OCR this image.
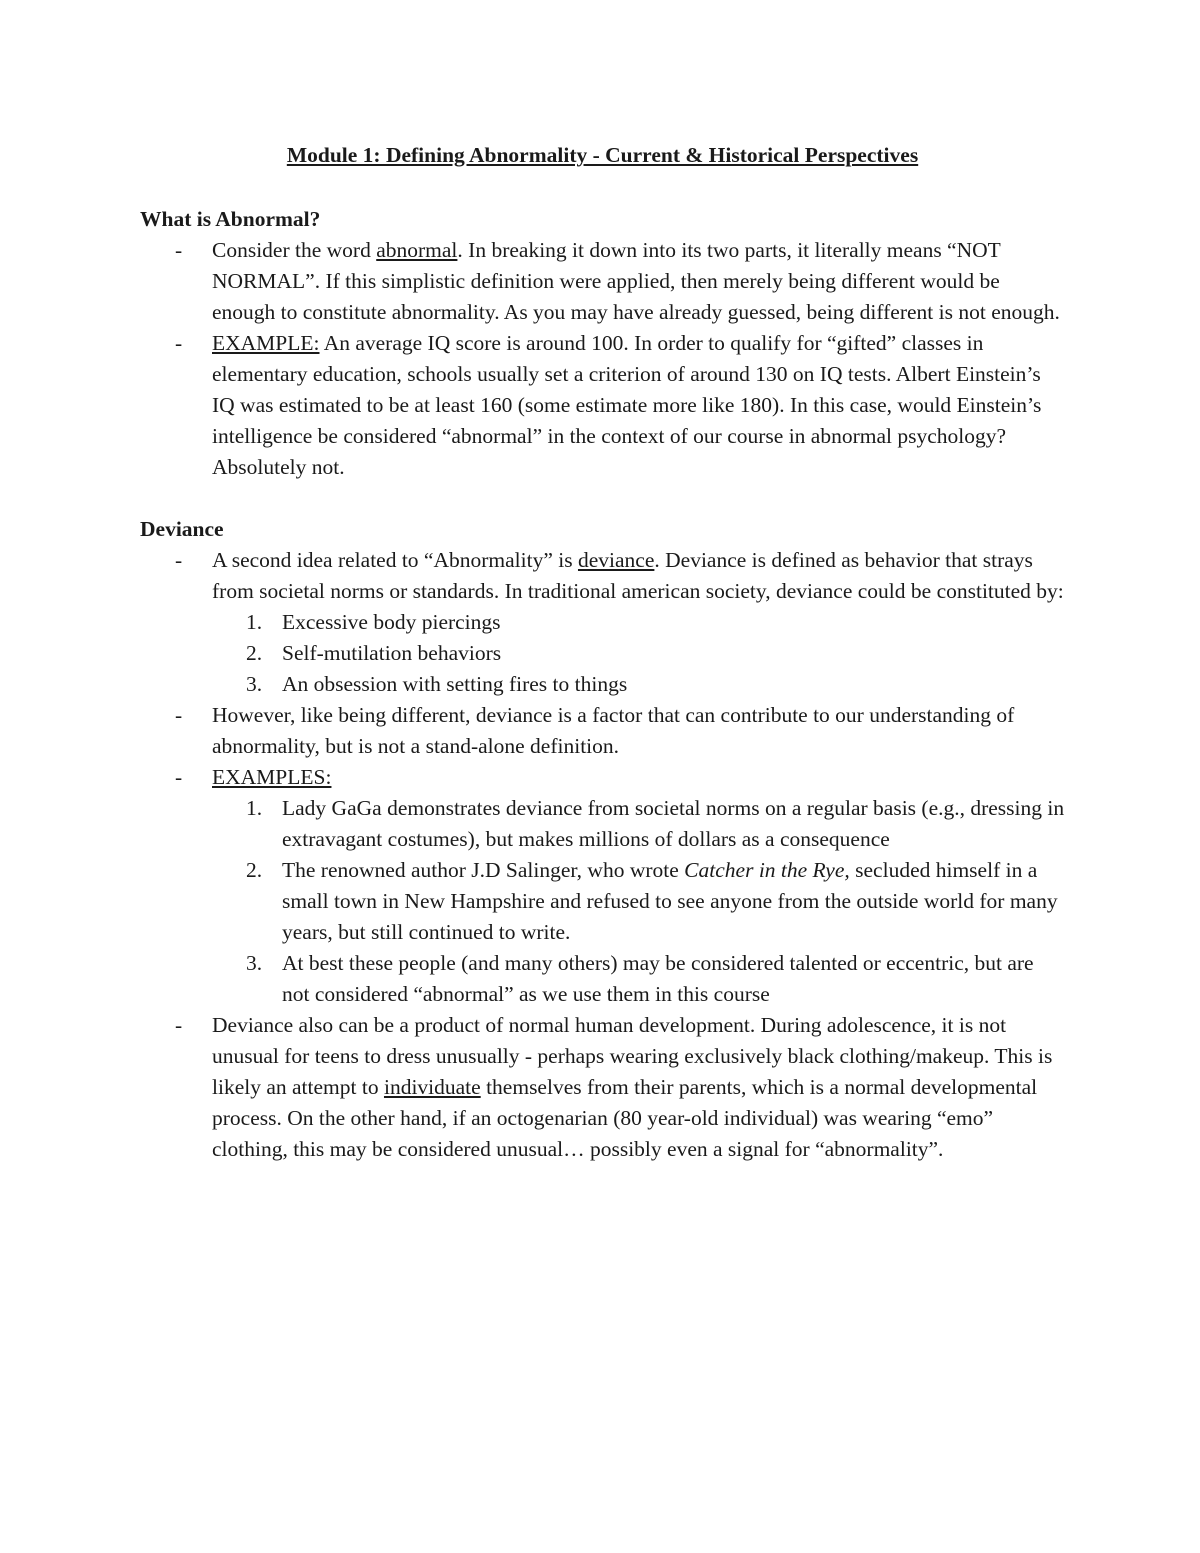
Module 1: Defining Abnormality - Current & Historical Perspectives
What is Abnormal?
- Consider the word abnormal. In breaking it down into its two parts, it literally means “NOT NORMAL”. If this simplistic definition were applied, then merely being different would be enough to constitute abnormality. As you may have already guessed, being different is not enough.
- EXAMPLE: An average IQ score is around 100. In order to qualify for “gifted” classes in elementary education, schools usually set a criterion of around 130 on IQ tests. Albert Einstein’s IQ was estimated to be at least 160 (some estimate more like 180). In this case, would Einstein’s intelligence be considered “abnormal” in the context of our course in abnormal psychology? Absolutely not.
Deviance
- A second idea related to “Abnormality” is deviance. Deviance is defined as behavior that strays from societal norms or standards. In traditional american society, deviance could be constituted by:
1. Excessive body piercings
2. Self-mutilation behaviors
3. An obsession with setting fires to things
- However, like being different, deviance is a factor that can contribute to our understanding of abnormality, but is not a stand-alone definition.
- EXAMPLES:
1. Lady GaGa demonstrates deviance from societal norms on a regular basis (e.g., dressing in extravagant costumes), but makes millions of dollars as a consequence
2. The renowned author J.D Salinger, who wrote Catcher in the Rye, secluded himself in a small town in New Hampshire and refused to see anyone from the outside world for many years, but still continued to write.
3. At best these people (and many others) may be considered talented or eccentric, but are not considered “abnormal” as we use them in this course
- Deviance also can be a product of normal human development. During adolescence, it is not unusual for teens to dress unusually - perhaps wearing exclusively black clothing/makeup. This is likely an attempt to individuate themselves from their parents, which is a normal developmental process. On the other hand, if an octogenarian (80 year-old individual) was wearing “emo” clothing, this may be considered unusual… possibly even a signal for “abnormality”.
